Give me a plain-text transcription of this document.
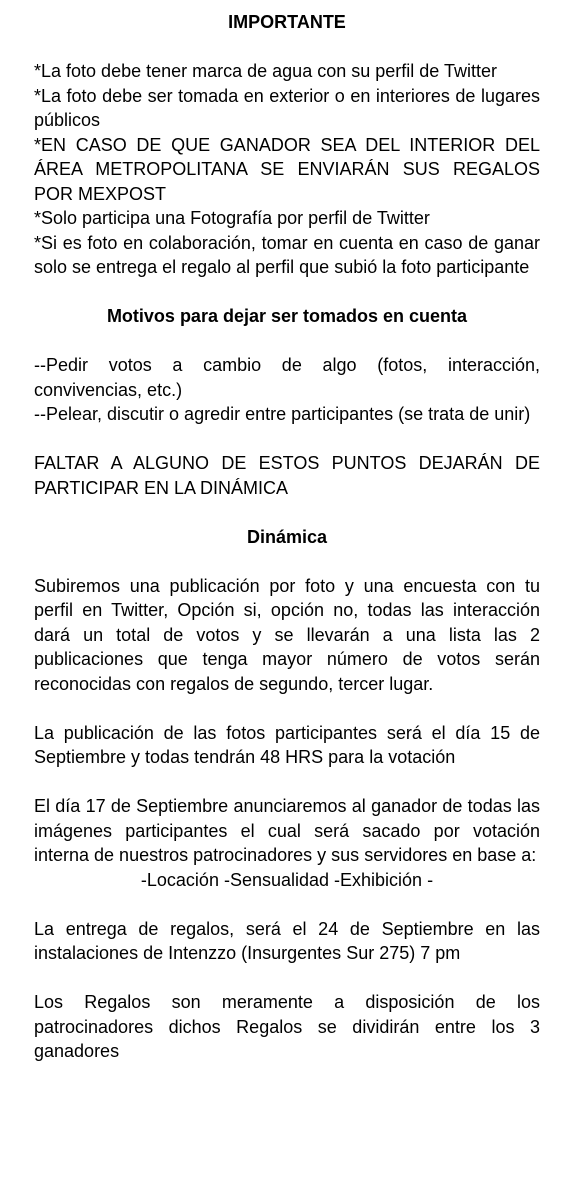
IMPORTANTE

*La foto debe tener marca de agua con su perfil de Twitter

*La foto debe ser tomada en exterior o en interiores de lugares públicos

*EN CASO DE QUE GANADOR SEA DEL INTERIOR DEL ÁREA METROPOLITANA SE ENVIARÁN SUS REGALOS POR MEXPOST

*Solo participa una Fotografía por perfil de Twitter

*Si es foto en colaboración, tomar en cuenta en caso de ganar solo se entrega el regalo al perfil que subió la foto participante

Motivos para dejar ser tomados en cuenta

--Pedir votos a cambio de algo (fotos, interacción, convivencias, etc.)

--Pelear, discutir o agredir entre participantes (se trata de unir)

FALTAR A ALGUNO DE ESTOS PUNTOS DEJARÁN DE PARTICIPAR EN LA DINÁMICA

Dinámica

Subiremos una publicación por foto y una encuesta con tu perfil en Twitter, Opción si, opción no, todas las interacción dará un total de votos y se llevarán a una lista las 2 publicaciones que tenga mayor número de votos serán reconocidas con regalos de segundo, tercer lugar.

La publicación de las fotos participantes será el día 15 de Septiembre y todas tendrán 48 HRS para la votación

El día 17 de Septiembre anunciaremos al ganador de todas las imágenes participantes el cual será sacado por votación interna de nuestros patrocinadores y sus servidores en base a:

-Locación -Sensualidad -Exhibición -

La entrega de regalos, será el 24 de Septiembre en las instalaciones de Intenzzo (Insurgentes Sur 275) 7 pm

Los Regalos son meramente a disposición de los patrocinadores dichos Regalos se dividirán entre los 3 ganadores
